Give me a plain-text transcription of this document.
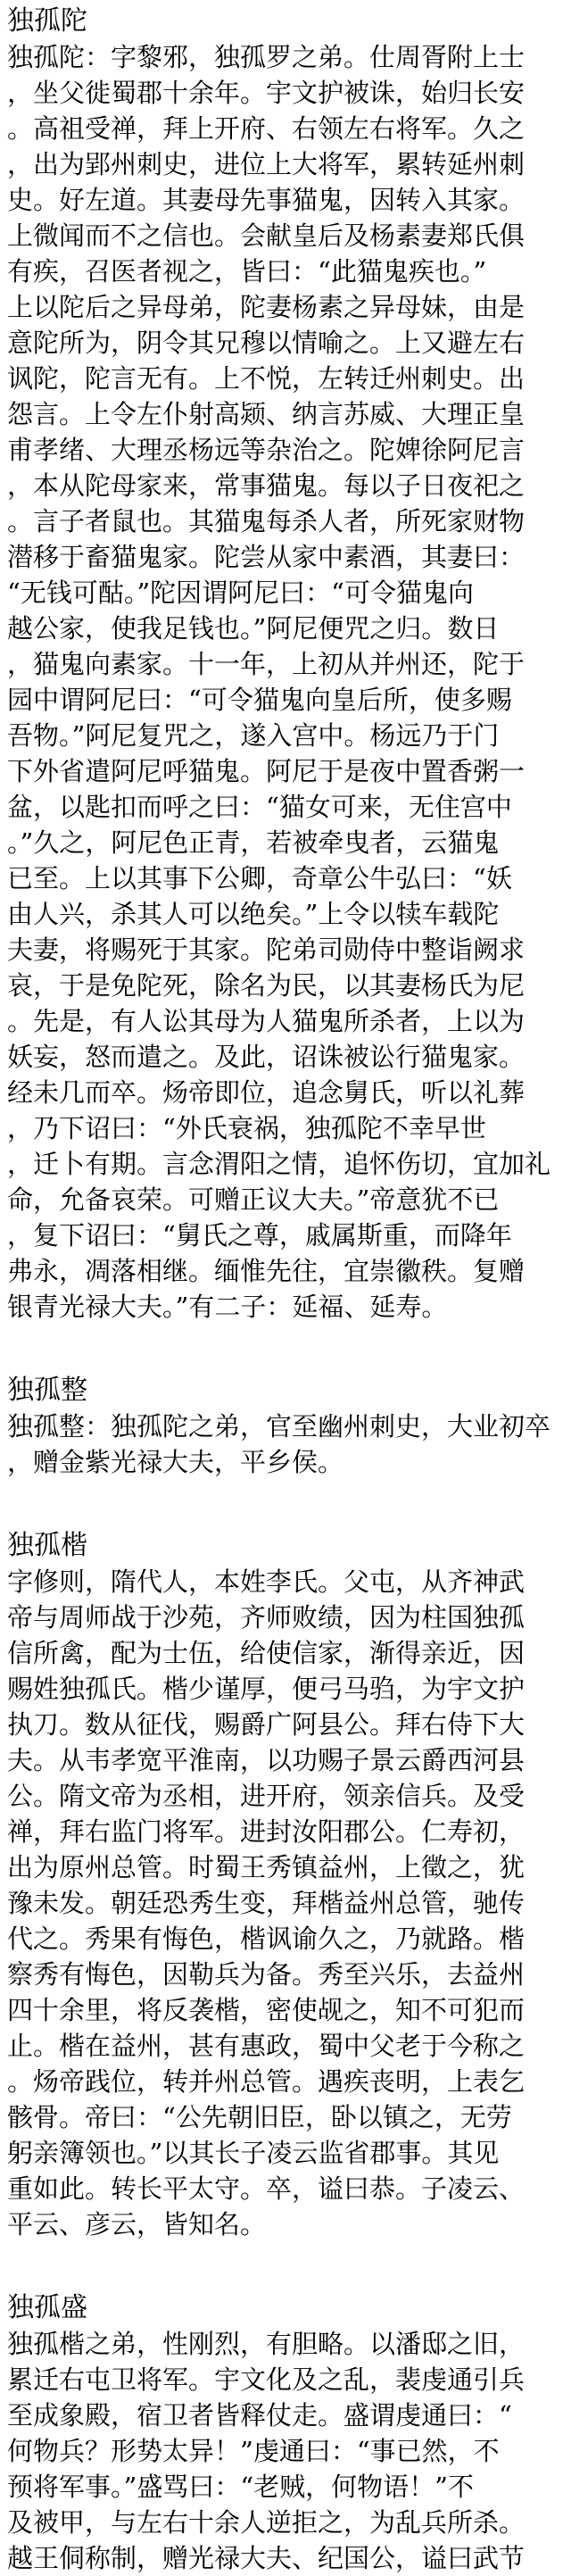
独孤陀

独孤陀：字黎邪，独孤罗之弟。仕周胥附上士

，坐父徙蜀郡十余年。宇文护被诛，始归长安

。高祖受禅，拜上开府、右领左右将军。久之

，出为郢州刺史，进位上大将军，累转延州刺

史。好左道。其妻母先事猫鬼，因转入其家。

上微闻而不之信也。会献皇后及杨素妻郑氏俱

有疾，召医者视之，皆曰：“此猫鬼疾也。”

上以陀后之异母弟，陀妻杨素之异母妹，由是

意陀所为，阴令其兄穆以情喻之。上又避左右

讽陀，陀言无有。上不悦，左转迁州刺史。出

怨言。上令左仆射高颎、纳言苏威、大理正皇

甫孝绪、大理丞杨远等杂治之。陀婢徐阿尼言

，本从陀母家来，常事猫鬼。每以子日夜祀之

。言子者鼠也。其猫鬼每杀人者，所死家财物

潜移于畜猫鬼家。陀尝从家中素酒，其妻曰：

“无钱可酤。”陀因谓阿尼曰：“可令猫鬼向

越公家，使我足钱也。”阿尼便咒之归。数日

，猫鬼向素家。十一年，上初从并州还，陀于

园中谓阿尼曰：“可令猫鬼向皇后所，使多赐

吾物。”阿尼复咒之，遂入宫中。杨远乃于门

下外省遣阿尼呼猫鬼。阿尼于是夜中置香粥一

盆，以匙扣而呼之曰：“猫女可来，无住宫中

。”久之，阿尼色正青，若被牵曳者，云猫鬼

已至。上以其事下公卿，奇章公牛弘曰：“妖

由人兴，杀其人可以绝矣。”上令以犊车载陀

夫妻，将赐死于其家。陀弟司勋侍中整诣阙求

哀，于是免陀死，除名为民，以其妻杨氏为尼

。先是，有人讼其母为人猫鬼所杀者，上以为

妖妄，怒而遣之。及此，诏诛被讼行猫鬼家。

经未几而卒。炀帝即位，追念舅氏，听以礼葬

，乃下诏曰：“外氏衰祸，独孤陀不幸早世

，迁卜有期。言念渭阳之情，追怀伤切，宜加礼

命，允备哀荣。可赠正议大夫。”帝意犹不已

，复下诏曰：“舅氏之尊，戚属斯重，而降年

弗永，凋落相继。缅惟先往，宜崇徽秩。复赠

银青光禄大夫。”有二子：延福、延寿。

独孤整

独孤整：独孤陀之弟，官至幽州刺史，大业初卒

，赠金紫光禄大夫，平乡侯。

独孤楷

字修则，隋代人，本姓李氏。父屯，从齐神武

帝与周师战于沙苑，齐师败绩，因为柱国独孤

信所禽，配为士伍，给使信家，渐得亲近，因

赐姓独孤氏。楷少谨厚，便弓马驺，为宇文护

执刀。数从征伐，赐爵广阿县公。拜右侍下大

夫。从韦孝宽平淮南，以功赐子景云爵西河县

公。隋文帝为丞相，进开府，领亲信兵。及受

禅，拜右监门将军。进封汝阳郡公。仁寿初，

出为原州总管。时蜀王秀镇益州，上徵之，犹

豫未发。朝廷恐秀生变，拜楷益州总管，驰传

代之。秀果有悔色，楷讽谕久之，乃就路。楷

察秀有悔色，因勒兵为备。秀至兴乐，去益州

四十余里，将反袭楷，密使觇之，知不可犯而

止。楷在益州，甚有惠政，蜀中父老于今称之

。炀帝践位，转并州总管。遇疾丧明，上表乞

骸骨。帝曰：“公先朝旧臣，卧以镇之，无劳

躬亲簿领也。”以其长子凌云监省郡事。其见

重如此。转长平太守。卒，谥曰恭。子凌云、

平云、彦云，皆知名。

独孤盛

独孤楷之弟，性刚烈，有胆略。以潘邸之旧，

累迁右屯卫将军。宇文化及之乱，裴虔通引兵

至成象殿，宿卫者皆释仗走。盛谓虔通曰：“

何物兵？形势太异！”虔通曰：“事已然，不

预将军事。”盛骂曰：“老贼，何物语！”不

及被甲，与左右十余人逆拒之，为乱兵所杀。

越王侗称制，赠光禄大夫、纪国公，谥曰武节
